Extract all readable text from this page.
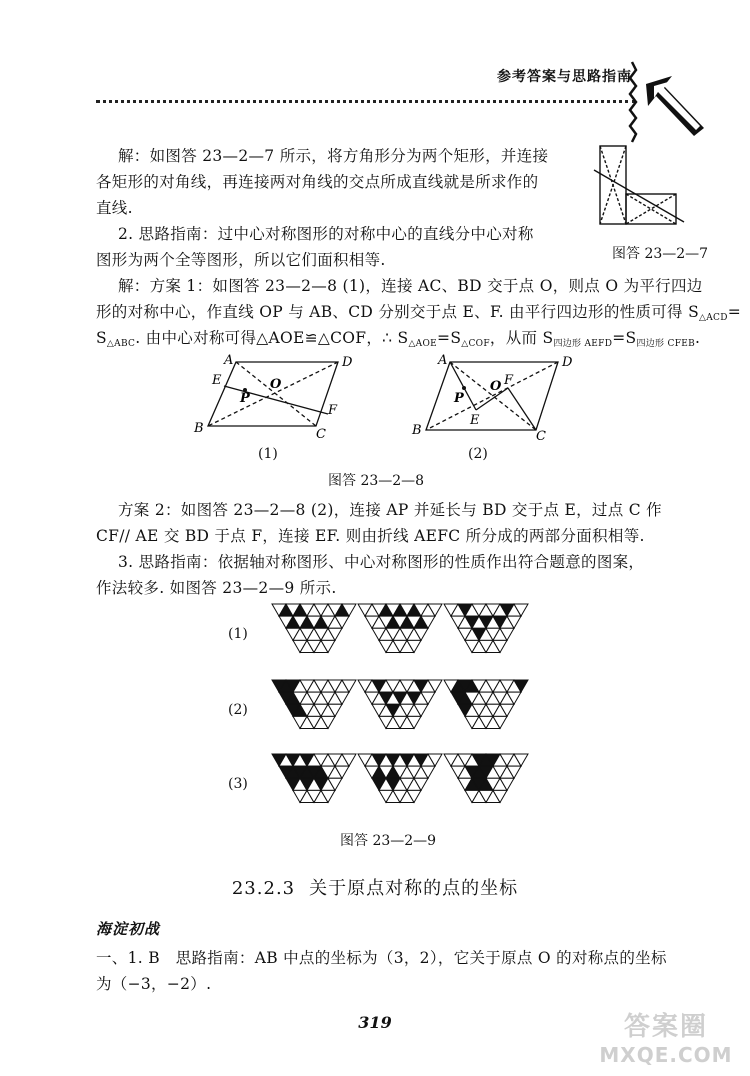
参考答案与思路指南
解：如图答 23—2—7 所示，将方角形分为两个矩形，并连接
各矩形的对角线，再连接两对角线的交点所成直线就是所求作的
直线.
图答 23—2—7
2. 思路指南：过中心对称图形的对称中心的直线分中心对称
图形为两个全等图形，所以它们面积相等.
解：方案 1：如图答 23—2—8 (1)，连接 AC、BD 交于点 O，则点 O 为平行四边
形的对称中心，作直线 OP 与 AB、CD 分别交于点 E、F. 由平行四边形的性质可得 $S_{\triangle ACD}=$
$S_{\triangle ABC}$. 由中心对称可得△AOE≌△COF，∴ $S_{\triangle AOE}=S_{\triangle COF}$，从而 $S_{四边形 AEFD}=S_{四边形 CFEB}$.
A	D
B	C
E
F
O
P
(1)
A	D
B	C
E
F
O
P
(2)
图答 23—2—8
方案 2：如图答 23—2—8 (2)，连接 AP 并延长与 BD 交于点 E，过点 C 作
CF// AE 交 BD 于点 F，连接 EF. 则由折线 AEFC 所分成的两部分面积相等.
3. 思路指南：依据轴对称图形、中心对称图形的性质作出符合题意的图案，
作法较多. 如图答 23—2—9 所示.
(1)
(2)
(3)
图答 23—2—9
23.2.3 关于原点对称的点的坐标
海淀初战
一、1. B　思路指南：AB 中点的坐标为（3，2），它关于原点 O 的对称点的坐标
为（−3，−2）.
319	答案圈
MXQE.COM
